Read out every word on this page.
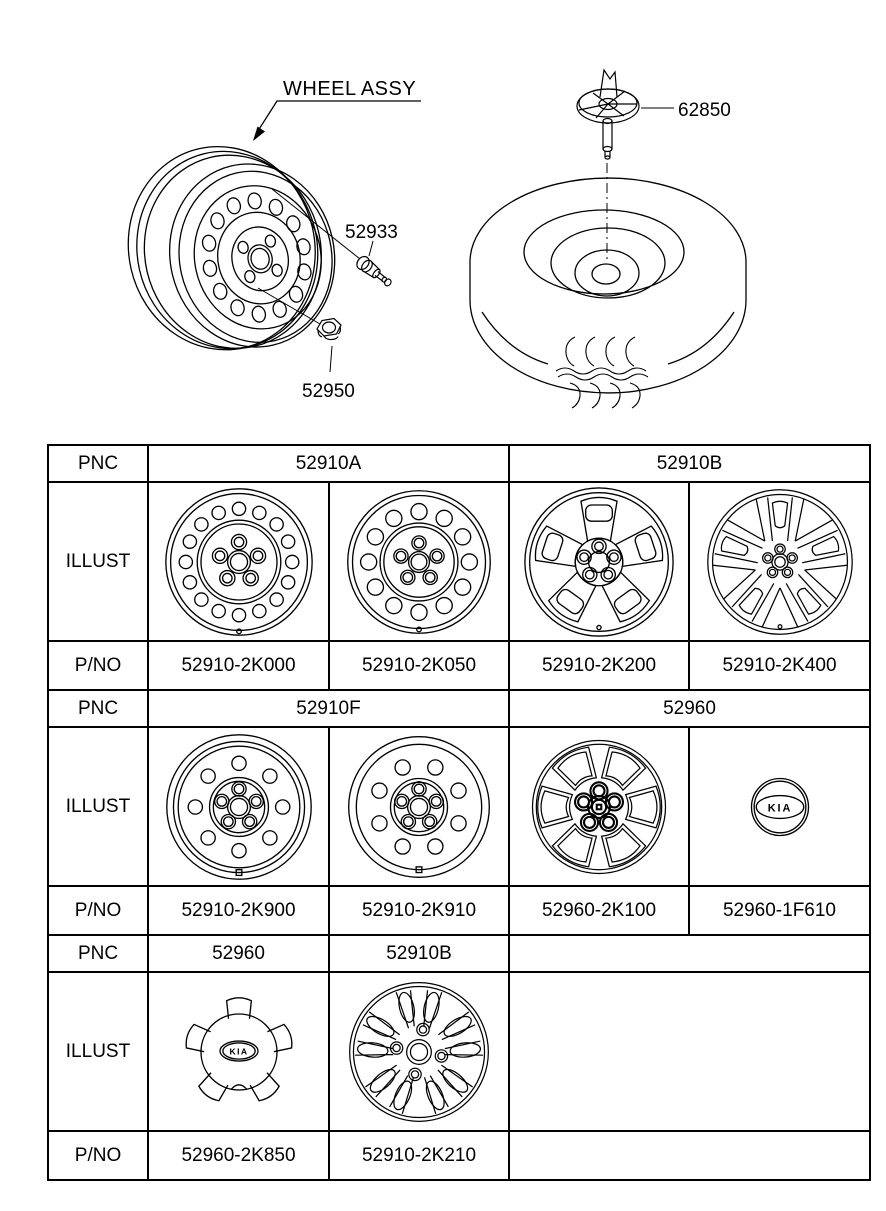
WHEEL ASSY
52933
52950
62850
PNC	52910A		52910B	
ILLUST	

P/NO	52910-2K000	52910-2K050	52910-2K200	52910-2K400
PNC	52910F		52960	
ILLUST	

P/NO	52910-2K900	52910-2K910	52960-2K100	52960-1F610
PNC	52960	52910B		
ILLUST	

P/NO	52960-2K850	52910-2K210		
